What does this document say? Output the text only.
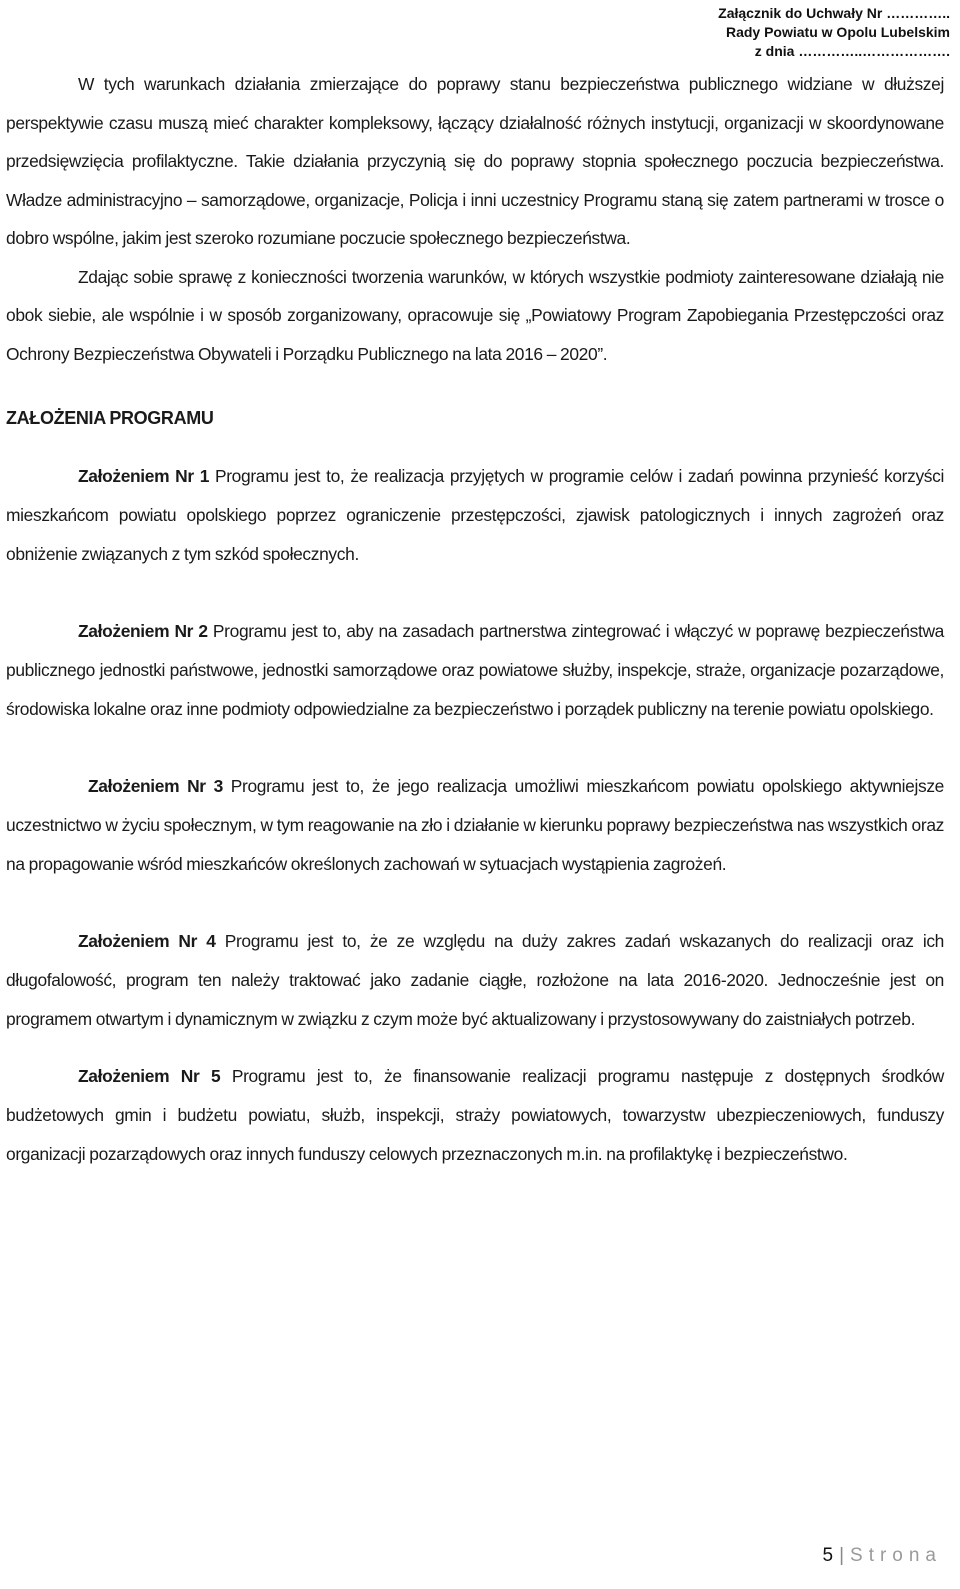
Załącznik do Uchwały Nr …………..
Rady Powiatu w Opolu Lubelskim
z dnia …………..……………….

W tych warunkach działania zmierzające do poprawy stanu bezpieczeństwa publicznego widziane w dłuższej perspektywie czasu muszą mieć charakter kompleksowy, łączący działalność różnych instytucji, organizacji w skoordynowane przedsięwzięcia profilaktyczne. Takie działania przyczynią się do poprawy stopnia społecznego poczucia bezpieczeństwa. Władze administracyjno – samorządowe, organizacje, Policja i inni uczestnicy Programu staną się zatem partnerami w trosce o dobro wspólne, jakim jest szeroko rozumiane poczucie społecznego bezpieczeństwa.

Zdając sobie sprawę z konieczności tworzenia warunków, w których wszystkie podmioty zainteresowane działają nie obok siebie, ale wspólnie i w sposób zorganizowany, opracowuje się „Powiatowy Program Zapobiegania Przestępczości oraz Ochrony Bezpieczeństwa Obywateli i Porządku Publicznego na lata 2016 – 2020”.

ZAŁOŻENIA PROGRAMU

Założeniem Nr 1 Programu jest to, że realizacja przyjętych w programie celów i zadań powinna przynieść korzyści mieszkańcom powiatu opolskiego poprzez ograniczenie przestępczości, zjawisk patologicznych i innych zagrożeń oraz obniżenie związanych z tym szkód społecznych.

Założeniem Nr 2 Programu jest to, aby na zasadach partnerstwa zintegrować i włączyć w poprawę bezpieczeństwa publicznego jednostki państwowe, jednostki samorządowe oraz powiatowe służby, inspekcje, straże, organizacje pozarządowe, środowiska lokalne oraz inne podmioty odpowiedzialne za bezpieczeństwo i porządek publiczny na terenie powiatu opolskiego.

Założeniem Nr 3 Programu jest to, że jego realizacja umożliwi mieszkańcom powiatu opolskiego aktywniejsze uczestnictwo w życiu społecznym, w tym reagowanie na zło i działanie w kierunku poprawy bezpieczeństwa nas wszystkich oraz na propagowanie wśród mieszkańców określonych zachowań w sytuacjach wystąpienia zagrożeń.

Założeniem Nr 4 Programu jest to, że ze względu na duży zakres zadań wskazanych do realizacji oraz ich długofalowość, program ten należy traktować jako zadanie ciągłe, rozłożone na lata 2016-2020. Jednocześnie jest on programem otwartym i dynamicznym w związku z czym może być aktualizowany i przystosowywany do zaistniałych potrzeb.

Założeniem Nr 5 Programu jest to, że finansowanie realizacji programu następuje z dostępnych środków budżetowych gmin i budżetu powiatu, służb, inspekcji, straży powiatowych, towarzystw ubezpieczeniowych, funduszy organizacji pozarządowych oraz innych funduszy celowych przeznaczonych m.in. na profilaktykę i bezpieczeństwo.

5 | Strona
